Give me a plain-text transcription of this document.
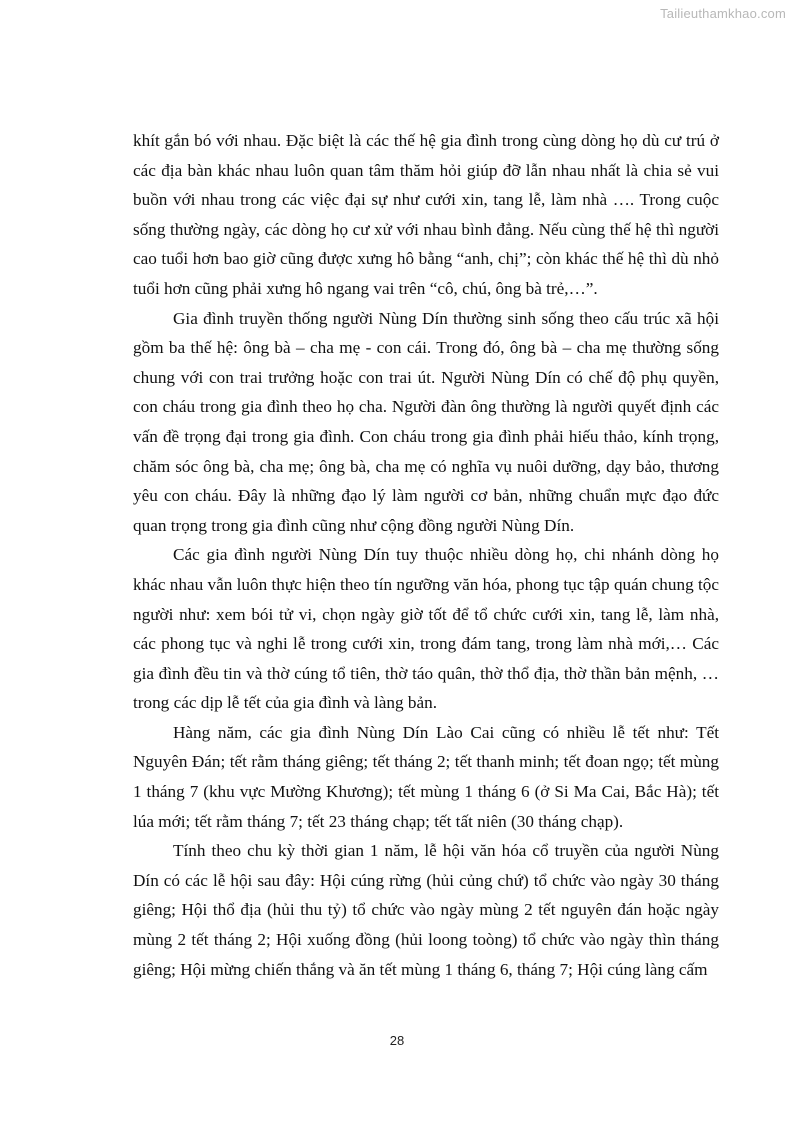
Tailieuthamkhao.com

khít gắn bó với nhau. Đặc biệt là các thế hệ gia đình trong cùng dòng họ dù cư trú ở các địa bàn khác nhau luôn quan tâm thăm hỏi giúp đỡ lẫn nhau nhất là chia sẻ vui buồn với nhau trong các việc đại sự như cưới xin, tang lễ, làm nhà …. Trong cuộc sống thường ngày, các dòng họ cư xử với nhau bình đẳng. Nếu cùng thế hệ thì người cao tuổi hơn bao giờ cũng được xưng hô bằng “anh, chị”; còn khác thế hệ thì dù nhỏ tuổi hơn cũng phải xưng hô ngang vai trên “cô, chú, ông bà trẻ,…”.

Gia đình truyền thống người Nùng Dín thường sinh sống theo cấu trúc xã hội gồm ba thế hệ: ông bà – cha mẹ - con cái. Trong đó, ông bà – cha mẹ thường sống chung với con trai trưởng hoặc con trai út. Người Nùng Dín có chế độ phụ quyền, con cháu trong gia đình theo họ cha. Người đàn ông thường là người quyết định các vấn đề trọng đại trong gia đình. Con cháu trong gia đình phải hiếu thảo, kính trọng, chăm sóc ông bà, cha mẹ; ông bà, cha mẹ có nghĩa vụ nuôi dưỡng, dạy bảo, thương yêu con cháu. Đây là những đạo lý làm người cơ bản, những chuẩn mực đạo đức quan trọng trong gia đình cũng như cộng đồng người Nùng Dín.

Các gia đình người Nùng Dín tuy thuộc nhiều dòng họ, chi nhánh dòng họ khác nhau vẫn luôn thực hiện theo tín ngưỡng văn hóa, phong tục tập quán chung tộc người như: xem bói tử vi, chọn ngày giờ tốt để tổ chức cưới xin, tang lễ, làm nhà, các phong tục và nghi lễ trong cưới xin, trong đám tang, trong làm nhà mới,… Các gia đình đều tin và thờ cúng tổ tiên, thờ táo quân, thờ thổ địa, thờ thần bản mệnh, … trong các dịp lễ tết của gia đình và làng bản.

Hàng năm, các gia đình Nùng Dín Lào Cai cũng có nhiều lễ tết như: Tết Nguyên Đán; tết rằm tháng giêng; tết tháng 2; tết thanh minh; tết đoan ngọ; tết mùng 1 tháng 7 (khu vực Mường Khương); tết mùng 1 tháng 6 (ở Si Ma Cai, Bắc Hà); tết lúa mới; tết rằm tháng 7; tết 23 tháng chạp; tết tất niên (30 tháng chạp).

Tính theo chu kỳ thời gian 1 năm, lễ hội văn hóa cổ truyền của người Nùng Dín có các lễ hội sau đây: Hội cúng rừng (hủi củng chứ) tổ chức vào ngày 30 tháng giêng; Hội thổ địa (hủi thu tỷ) tổ chức vào ngày mùng 2 tết nguyên đán hoặc ngày mùng 2 tết tháng 2; Hội xuống đồng (hủi loong toòng) tổ chức vào ngày thìn tháng giêng; Hội mừng chiến thắng và ăn tết mùng 1 tháng 6, tháng 7; Hội cúng làng cấm

28
